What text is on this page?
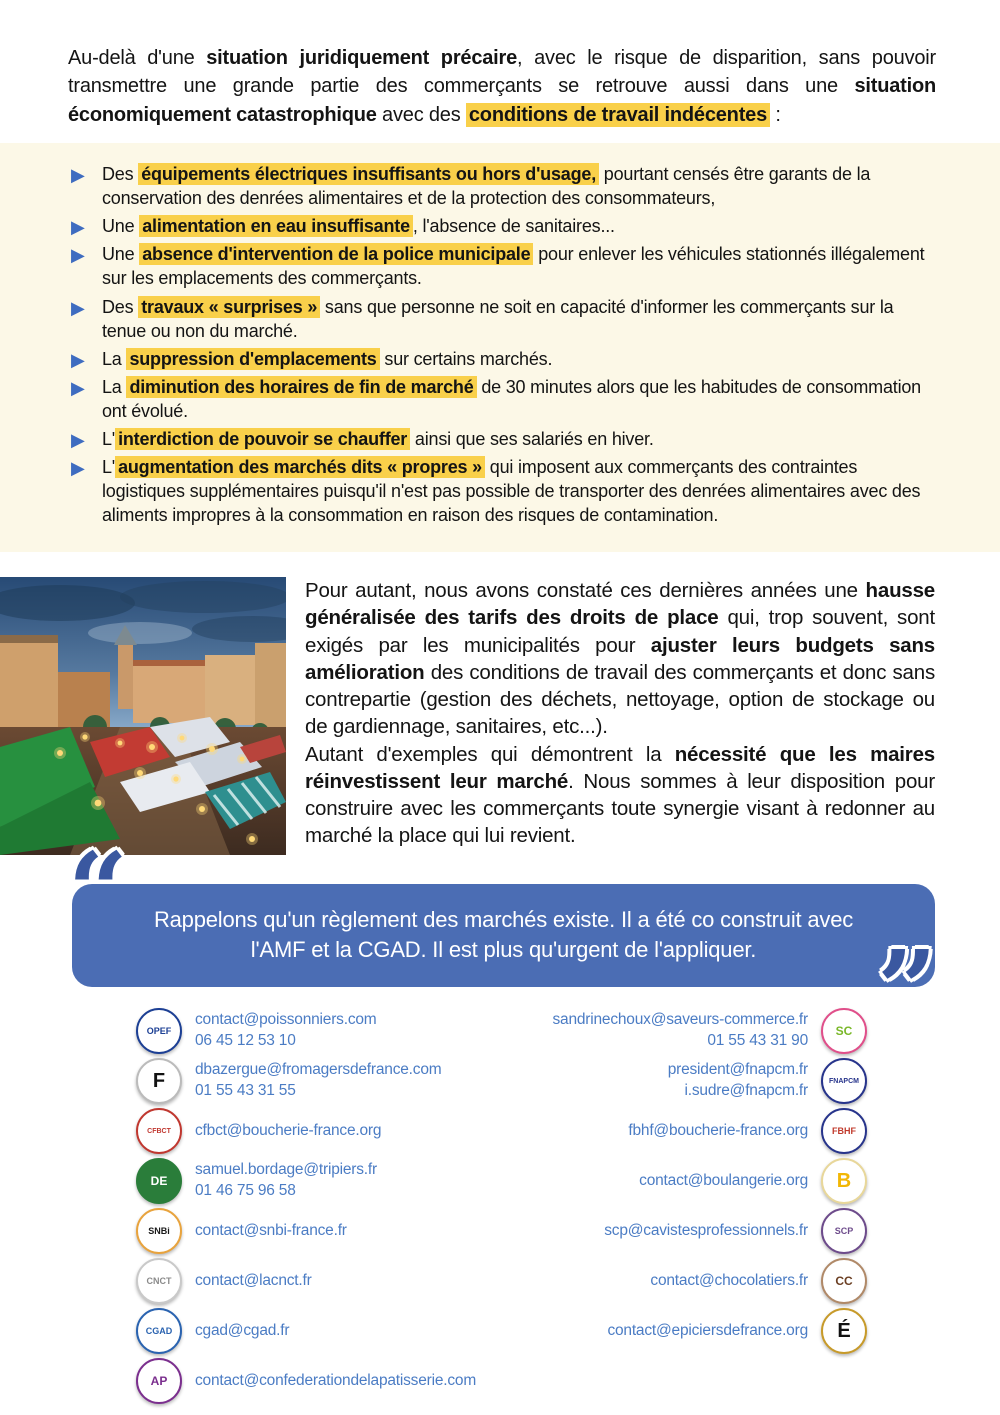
Au-delà d'une situation juridiquement précaire, avec le risque de disparition, sans pouvoir transmettre une grande partie des commerçants se retrouve aussi dans une situation économiquement catastrophique avec des conditions de travail indécentes :

▶ Des équipements électriques insuffisants ou hors d'usage, pourtant censés être garants de la conservation des denrées alimentaires et de la protection des consommateurs,

▶ Une alimentation en eau insuffisante , l'absence de sanitaires...

▶ Une absence d'intervention de la police municipale pour enlever les véhicules stationnés illégalement sur les emplacements des commerçants.

▶ Des travaux « surprises » sans que personne ne soit en capacité d'informer les commerçants sur la tenue ou non du marché.

▶ La suppression d'emplacements sur certains marchés.

▶ La diminution des horaires de fin de marché de 30 minutes alors que les habitudes de consommation ont évolué.

▶ L' interdiction de pouvoir se chauffer ainsi que ses salariés en hiver.

▶ L' augmentation des marchés dits « propres » qui imposent aux commerçants des contraintes logistiques supplémentaires puisqu'il n'est pas possible de transporter des denrées alimentaires avec des aliments impropres à la consommation en raison des risques de contamination.

Pour autant, nous avons constaté ces dernières années une hausse généralisée des tarifs des droits de place qui, trop souvent, sont exigés par les municipalités pour ajuster leurs budgets sans amélioration des conditions de travail des commerçants et donc sans contrepartie (gestion des déchets, nettoyage, option de stockage ou de gardiennage, sanitaires, etc...).

Autant d'exemples qui démontrent la nécessité que les maires réinvestissent leur marché. Nous sommes à leur disposition pour construire avec les commerçants toute synergie visant à redonner au marché la place qui lui revient.

“	Rappelons qu'un règlement des marchés existe. Il a été co construit avec
l'AMF et la CGAD. Il est plus qu'urgent de l'appliquer.	”
OPEF
contact@poissonniers.com
06 45 12 53 10
F
dbazergue@fromagersdefrance.com
01 55 43 31 55
CFBCT cfbct@boucherie-france.org
DE
samuel.bordage@tripiers.fr
01 46 75 96 58
SNBi contact@snbi-france.fr
CNCT contact@lacnct.fr
CGAD cgad@cgad.fr
AP contact@confederationdelapatisserie.com
SC
sandrinechoux@saveurs-commerce.fr
01 55 43 31 90
FNAPCM
president@fnapcm.fr
i.sudre@fnapcm.fr
FBHF
fbhf@boucherie-france.org
B
contact@boulangerie.org
SCP
scp@cavistesprofessionnels.fr
CC
contact@chocolatiers.fr
É
contact@epiciersdefrance.org
